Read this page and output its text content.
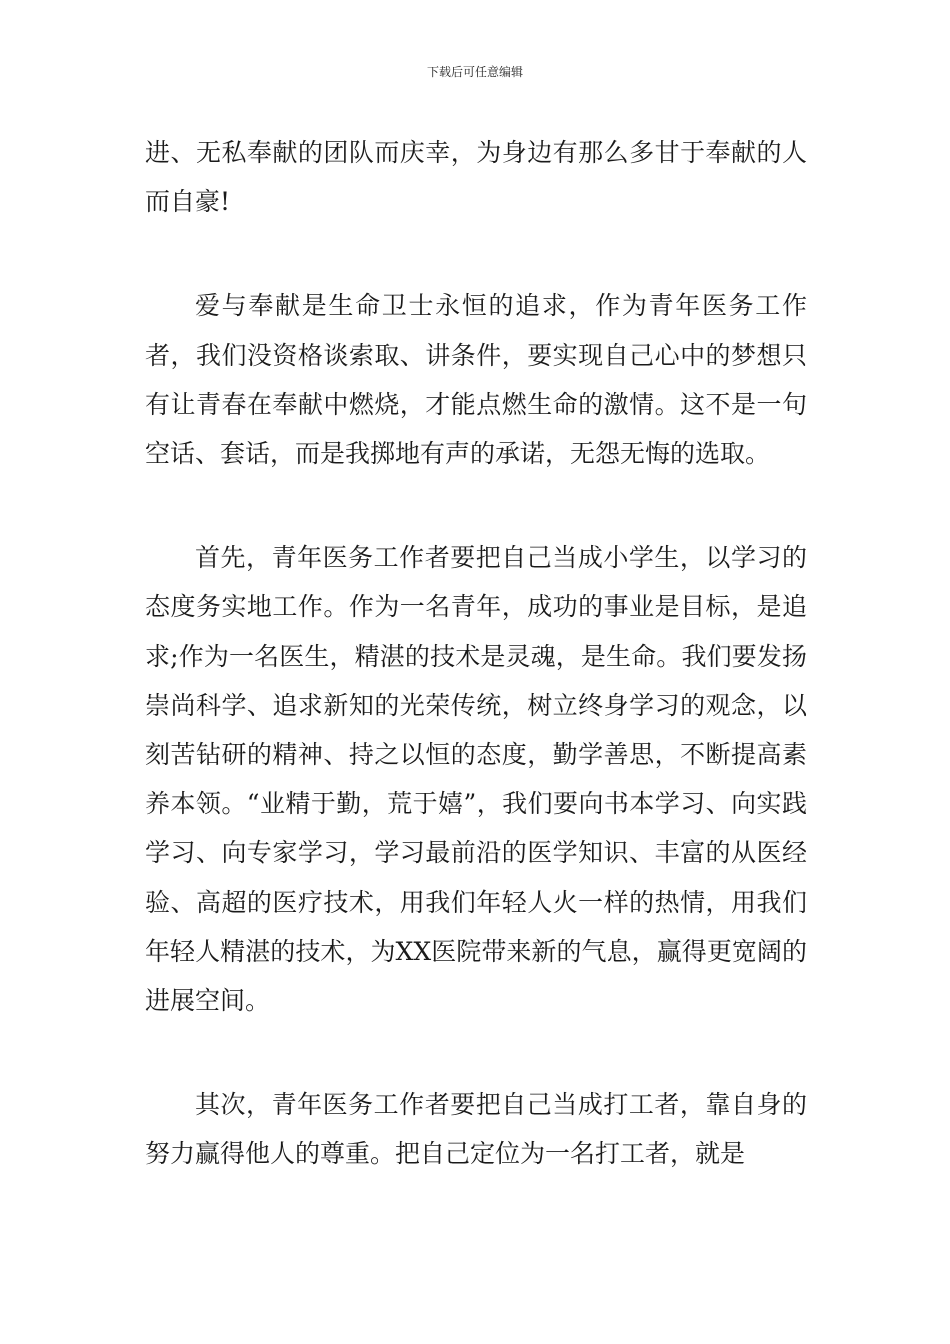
下载后可任意编辑

进、无私奉献的团队而庆幸，为身边有那么多甘于奉献的人而自豪!

爱与奉献是生命卫士永恒的追求，作为青年医务工作者，我们没资格谈索取、讲条件，要实现自己心中的梦想只有让青春在奉献中燃烧，才能点燃生命的激情。这不是一句空话、套话，而是我掷地有声的承诺，无怨无悔的选取。

首先，青年医务工作者要把自己当成小学生，以学习的态度务实地工作。作为一名青年，成功的事业是目标，是追求;作为一名医生，精湛的技术是灵魂，是生命。我们要发扬崇尚科学、追求新知的光荣传统，树立终身学习的观念，以刻苦钻研的精神、持之以恒的态度，勤学善思，不断提高素养本领。“业精于勤，荒于嬉”，我们要向书本学习、向实践学习、向专家学习，学习最前沿的医学知识、丰富的从医经验、高超的医疗技术，用我们年轻人火一样的热情，用我们年轻人精湛的技术，为XX医院带来新的气息，赢得更宽阔的进展空间。

其次，青年医务工作者要把自己当成打工者，靠自身的努力赢得他人的尊重。把自己定位为一名打工者，就是
